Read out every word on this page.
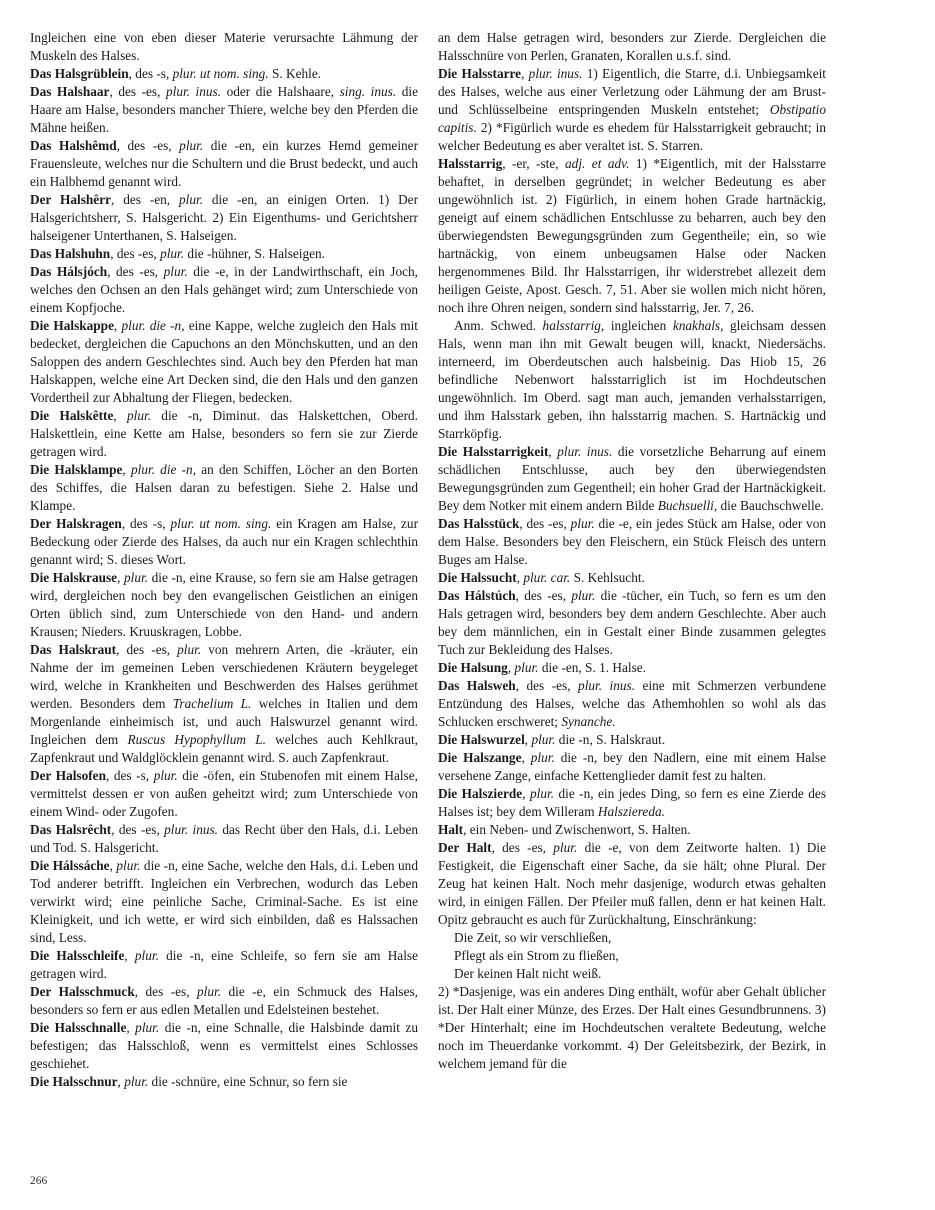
Ingleichen eine von eben dieser Materie verursachte Lähmung der Muskeln des Halses.

Das Halsgrüblein, des -s, plur. ut nom. sing. S. Kehle.

Das Halshaar, des -es, plur. inus. oder die Halshaare, sing. inus. die Haare am Halse, besonders mancher Thiere, welche bey den Pferden die Mähne heißen.

Das Halshêmd, des -es, plur. die -en, ein kurzes Hemd gemeiner Frauensleute, welches nur die Schultern und die Brust bedeckt, und auch ein Halbhemd genannt wird.

Der Halshêrr, des -en, plur. die -en, an einigen Orten. 1) Der Halsgerichtsherr, S. Halsgericht. 2) Ein Eigenthums- und Gerichtsherr halseigener Unterthanen, S. Halseigen.

Das Halshuhn, des -es, plur. die -hühner, S. Halseigen.

Das Hálsjóch, des -es, plur. die -e, in der Landwirthschaft, ein Joch, welches den Ochsen an den Hals gehänget wird; zum Unterschiede von einem Kopfjoche.

Die Halskappe, plur. die -n, eine Kappe, welche zugleich den Hals mit bedecket, dergleichen die Capuchons an den Mönchskutten, und an den Saloppen des andern Geschlechtes sind. Auch bey den Pferden hat man Halskappen, welche eine Art Decken sind, die den Hals und den ganzen Vordertheil zur Abhaltung der Fliegen, bedecken.

Die Halskêtte, plur. die -n, Diminut. das Halskettchen, Oberd. Halskettlein, eine Kette am Halse, besonders so fern sie zur Zierde getragen wird.

Die Halsklampe, plur. die -n, an den Schiffen, Löcher an den Borten des Schiffes, die Halsen daran zu befestigen. Siehe 2. Halse und Klampe.

Der Halskragen, des -s, plur. ut nom. sing. ein Kragen am Halse, zur Bedeckung oder Zierde des Halses, da auch nur ein Kragen schlechthin genannt wird; S. dieses Wort.

Die Halskrause, plur. die -n, eine Krause, so fern sie am Halse getragen wird, dergleichen noch bey den evangelischen Geistlichen an einigen Orten üblich sind, zum Unterschiede von den Hand- und andern Krausen; Nieders. Kruuskragen, Lobbe.

Das Halskraut, des -es, plur. von mehrern Arten, die -kräuter, ein Nahme der im gemeinen Leben verschiedenen Kräutern beygeleget wird, welche in Krankheiten und Beschwerden des Halses gerühmet werden. Besonders dem Trachelium L. welches in Italien und dem Morgenlande einheimisch ist, und auch Halswurzel genannt wird. Ingleichen dem Ruscus Hypophyllum L. welches auch Kehlkraut, Zapfenkraut und Waldglöcklein genannt wird. S. auch Zapfenkraut.

Der Halsofen, des -s, plur. die -öfen, ein Stubenofen mit einem Halse, vermittelst dessen er von außen geheitzt wird; zum Unterschiede von einem Wind- oder Zugofen.

Das Halsrêcht, des -es, plur. inus. das Recht über den Hals, d.i. Leben und Tod. S. Halsgericht.

Die Hálssáche, plur. die -n, eine Sache, welche den Hals, d.i. Leben und Tod anderer betrifft. Ingleichen ein Verbrechen, wodurch das Leben verwirkt wird; eine peinliche Sache, Criminal-Sache. Es ist eine Kleinigkeit, und ich wette, er wird sich einbilden, daß es Halssachen sind, Less.

Die Halsschleife, plur. die -n, eine Schleife, so fern sie am Halse getragen wird.

Der Halsschmuck, des -es, plur. die -e, ein Schmuck des Halses, besonders so fern er aus edlen Metallen und Edelsteinen bestehet.

Die Halsschnalle, plur. die -n, eine Schnalle, die Halsbinde damit zu befestigen; das Halsschloß, wenn es vermittelst eines Schlosses geschiehet.

Die Halsschnur, plur. die -schnüre, eine Schnur, so fern sie

an dem Halse getragen wird, besonders zur Zierde. Dergleichen die Halsschnüre von Perlen, Granaten, Korallen u.s.f. sind.

Die Halsstarre, plur. inus. 1) Eigentlich, die Starre, d.i. Unbiegsamkeit des Halses, welche aus einer Verletzung oder Lähmung der am Brust- und Schlüsselbeine entspringenden Muskeln entstehet; Obstipatio capitis. 2) *Figürlich wurde es ehedem für Halsstarrigkeit gebraucht; in welcher Bedeutung es aber veraltet ist. S. Starren.

Halsstarrig, -er, -ste, adj. et adv. 1) *Eigentlich, mit der Halsstarre behaftet, in derselben gegründet; in welcher Bedeutung es aber ungewöhnlich ist. 2) Figürlich, in einem hohen Grade hartnäckig, geneigt auf einem schädlichen Entschlusse zu beharren, auch bey den überwiegendsten Bewegungsgründen zum Gegentheile; ein, so wie hartnäckig, von einem unbeugsamen Halse oder Nacken hergenommenes Bild. Ihr Halsstarrigen, ihr widerstrebet allezeit dem heiligen Geiste, Apost. Gesch. 7, 51. Aber sie wollen mich nicht hören, noch ihre Ohren neigen, sondern sind halsstarrig, Jer. 7, 26.

Anm. Schwed. halsstarrig, ingleichen knakhals, gleichsam dessen Hals, wenn man ihn mit Gewalt beugen will, knackt, Niedersächs. interneerd, im Oberdeutschen auch halsbeinig. Das Hiob 15, 26 befindliche Nebenwort halsstarriglich ist im Hochdeutschen ungewöhnlich. Im Oberd. sagt man auch, jemanden verhalsstarrigen, und ihm Halsstark geben, ihn halsstarrig machen. S. Hartnäckig und Starrköpfig.

Die Halsstarrigkeit, plur. inus. die vorsetzliche Beharrung auf einem schädlichen Entschlusse, auch bey den überwiegendsten Bewegungsgründen zum Gegentheil; ein hoher Grad der Hartnäckigkeit. Bey dem Notker mit einem andern Bilde Buchsuelli, die Bauchschwelle.

Das Halsstück, des -es, plur. die -e, ein jedes Stück am Halse, oder von dem Halse. Besonders bey den Fleischern, ein Stück Fleisch des untern Buges am Halse.

Die Halssucht, plur. car. S. Kehlsucht.

Das Hálstúch, des -es, plur. die -tücher, ein Tuch, so fern es um den Hals getragen wird, besonders bey dem andern Geschlechte. Aber auch bey dem männlichen, ein in Gestalt einer Binde zusammen gelegtes Tuch zur Bekleidung des Halses.

Die Halsung, plur. die -en, S. 1. Halse.

Das Halsweh, des -es, plur. inus. eine mit Schmerzen verbundene Entzündung des Halses, welche das Athemhohlen so wohl als das Schlucken erschweret; Synanche.

Die Halswurzel, plur. die -n, S. Halskraut.

Die Halszange, plur. die -n, bey den Nadlern, eine mit einem Halse versehene Zange, einfache Kettenglieder damit fest zu halten.

Die Halszierde, plur. die -n, ein jedes Ding, so fern es eine Zierde des Halses ist; bey dem Willeram Halsziereda.

Halt, ein Neben- und Zwischenwort, S. Halten.

Der Halt, des -es, plur. die -e, von dem Zeitworte halten. 1) Die Festigkeit, die Eigenschaft einer Sache, da sie hält; ohne Plural. Der Zeug hat keinen Halt. Noch mehr dasjenige, wodurch etwas gehalten wird, in einigen Fällen. Der Pfeiler muß fallen, denn er hat keinen Halt. Opitz gebraucht es auch für Zurückhaltung, Einschränkung:

Die Zeit, so wir verschließen,

Pflegt als ein Strom zu fließen,

Der keinen Halt nicht weiß.

2) *Dasjenige, was ein anderes Ding enthält, wofür aber Gehalt üblicher ist. Der Halt einer Münze, des Erzes. Der Halt eines Gesundbrunnens. 3) *Der Hinterhalt; eine im Hochdeutschen veraltete Bedeutung, welche noch im Theuerdanke vorkommt. 4) Der Geleitsbezirk, der Bezirk, in welchem jemand für die

266
